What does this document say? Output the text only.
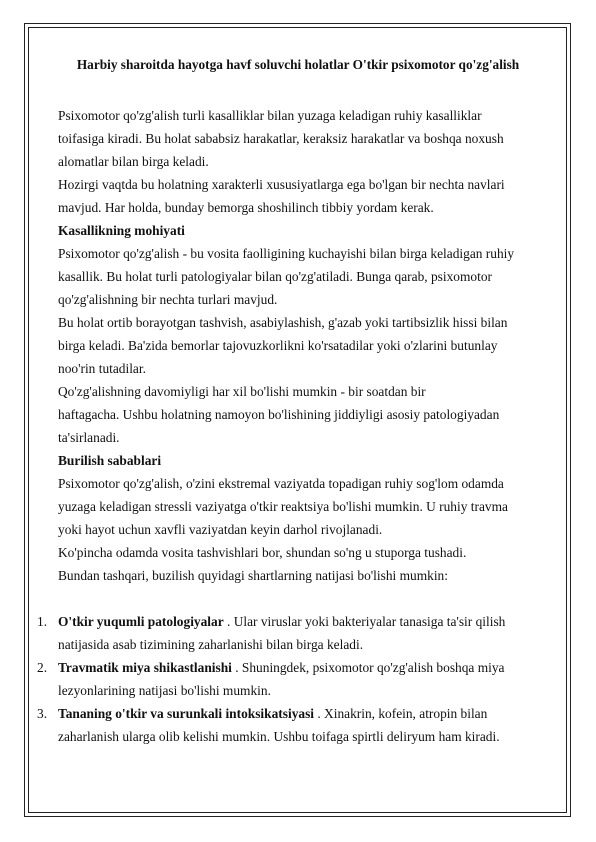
Harbiy sharoitda hayotga havf soluvchi holatlar O'tkir psixomotor qo'zg'alish
Psixomotor qo'zg'alish turli kasalliklar bilan yuzaga keladigan ruhiy kasalliklar
toifasiga kiradi. Bu holat sababsiz harakatlar, keraksiz harakatlar va boshqa noxush
alomatlar bilan birga keladi.
Hozirgi vaqtda bu holatning xarakterli xususiyatlarga ega bo'lgan bir nechta navlari
mavjud. Har holda, bunday bemorga shoshilinch tibbiy yordam kerak.
Kasallikning mohiyati
Psixomotor qo'zg'alish - bu vosita faolligining kuchayishi bilan birga keladigan ruhiy
kasallik. Bu holat turli patologiyalar bilan qo'zg'atiladi. Bunga qarab, psixomotor
qo'zg'alishning bir nechta turlari mavjud.
Bu holat ortib borayotgan tashvish, asabiylashish, g'azab yoki tartibsizlik hissi bilan
birga keladi. Ba'zida bemorlar tajovuzkorlikni ko'rsatadilar yoki o'zlarini butunlay
noo'rin tutadilar.
Qo'zg'alishning davomiyligi har xil bo'lishi mumkin - bir soatdan bir
haftagacha. Ushbu holatning namoyon bo'lishining jiddiyligi asosiy patologiyadan
ta'sirlanadi.
Burilish sabablari
Psixomotor qo'zg'alish, o'zini ekstremal vaziyatda topadigan ruhiy sog'lom odamda
yuzaga keladigan stressli vaziyatga o'tkir reaktsiya bo'lishi mumkin. U ruhiy travma
yoki hayot uchun xavfli vaziyatdan keyin darhol rivojlanadi.
Ko'pincha odamda vosita tashvishlari bor, shundan so'ng u stuporga tushadi.
Bundan tashqari, buzilish quyidagi shartlarning natijasi bo'lishi mumkin:
1. O'tkir yuqumli patologiyalar . Ular viruslar yoki bakteriyalar tanasiga ta'sir qilish
natijasida asab tizimining zaharlanishi bilan birga keladi.
2. Travmatik miya shikastlanishi . Shuningdek, psixomotor qo'zg'alish boshqa miya
lezyonlarining natijasi bo'lishi mumkin.
3. Tananing o'tkir va surunkali intoksikatsiyasi . Xinakrin, kofein, atropin bilan
zaharlanish ularga olib kelishi mumkin. Ushbu toifaga spirtli deliryum ham kiradi.
